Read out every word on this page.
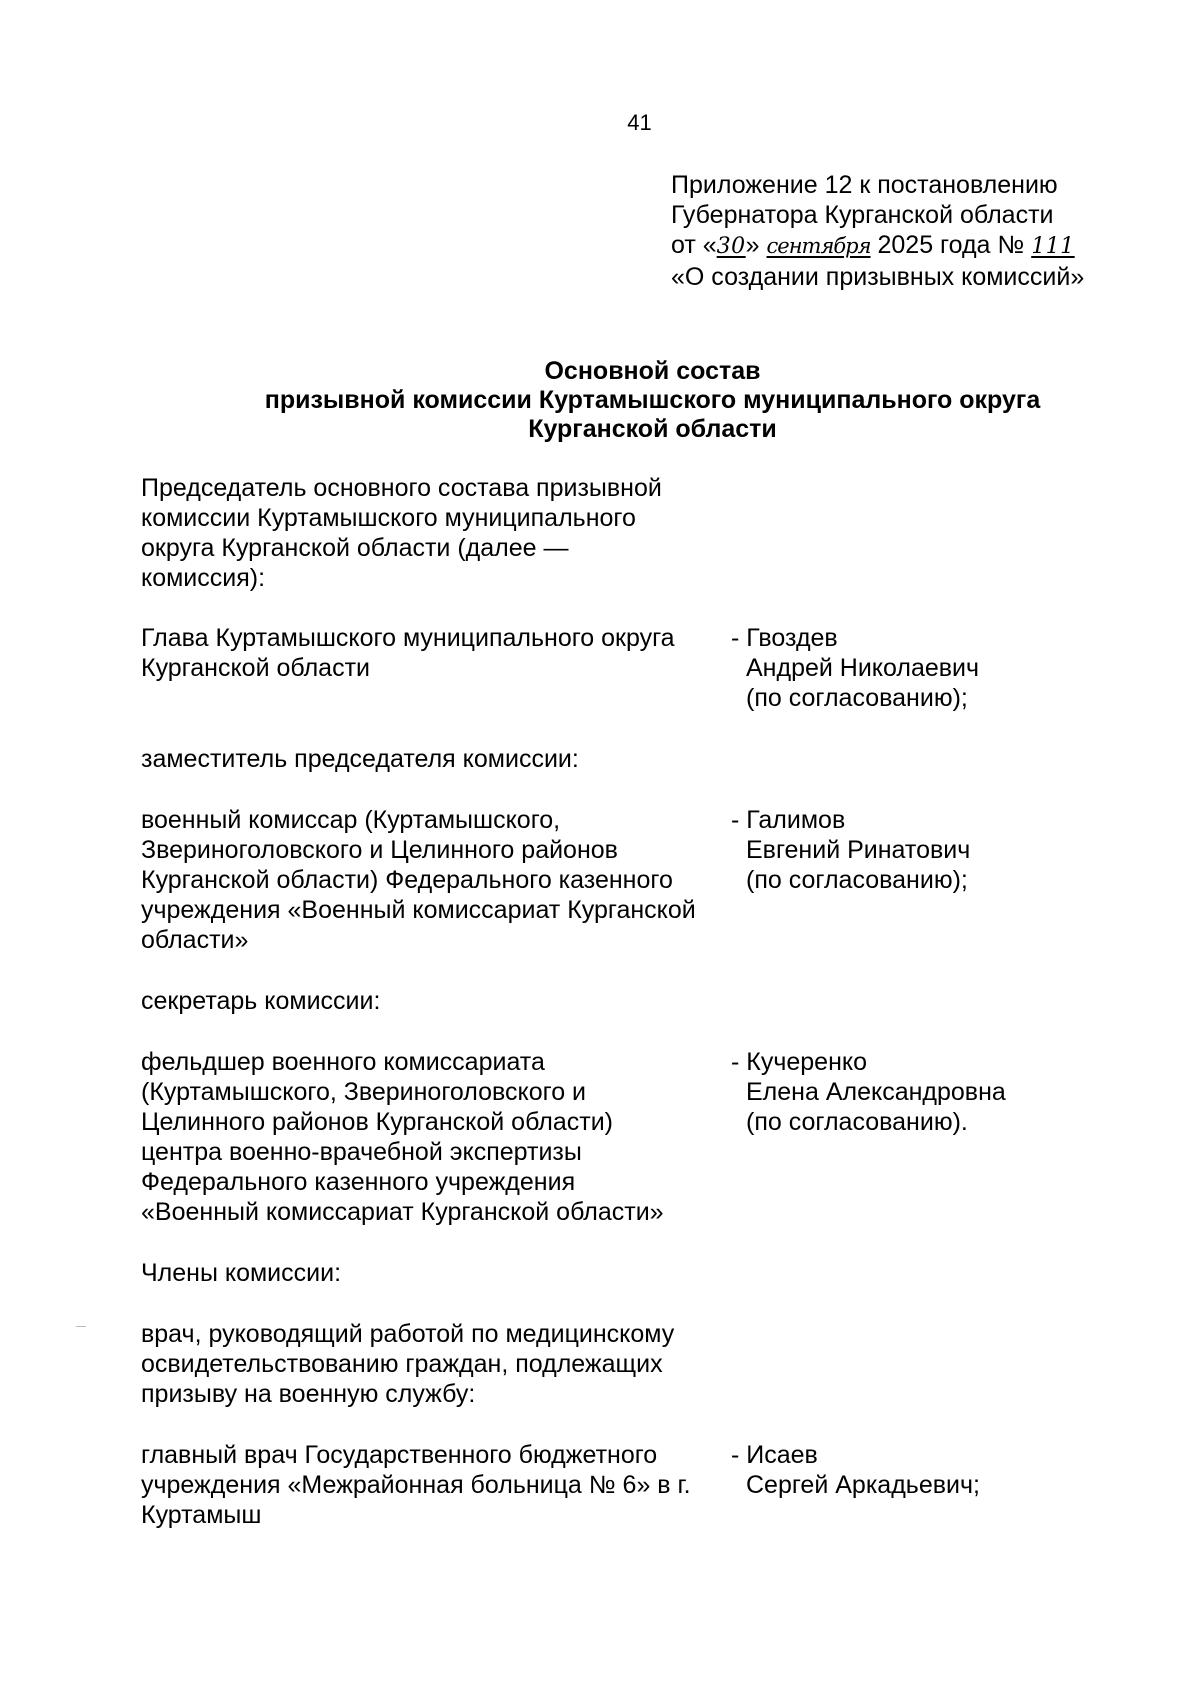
41
Приложение 12 к постановлению
Губернатора Курганской области
от «30» сентября 2025 года № 111
«О создании призывных комиссий»
Основной состав
призывной комиссии Куртамышского муниципального округа
Курганской области
Председатель основного состава призывной
комиссии Куртамышского муниципального
округа Курганской области (далее —
комиссия):
Глава Куртамышского муниципального округа
Курганской области
- Гвоздев
Андрей Николаевич
(по согласованию);
заместитель председателя комиссии:
военный комиссар (Куртамышского,
Звериноголовского и Целинного районов
Курганской области) Федерального казенного
учреждения «Военный комиссариат Курганской
области»
- Галимов
Евгений Ринатович
(по согласованию);
секретарь комиссии:
фельдшер военного комиссариата
(Куртамышского, Звериноголовского и
Целинного районов Курганской области)
центра военно-врачебной экспертизы
Федерального казенного учреждения
«Военный комиссариат Курганской области»
- Кучеренко
Елена Александровна
(по согласованию).
Члены комиссии:
врач, руководящий работой по медицинскому
освидетельствованию граждан, подлежащих
призыву на военную службу:
главный врач Государственного бюджетного
учреждения «Межрайонная больница № 6» в г.
Куртамыш
- Исаев
Сергей Аркадьевич;
